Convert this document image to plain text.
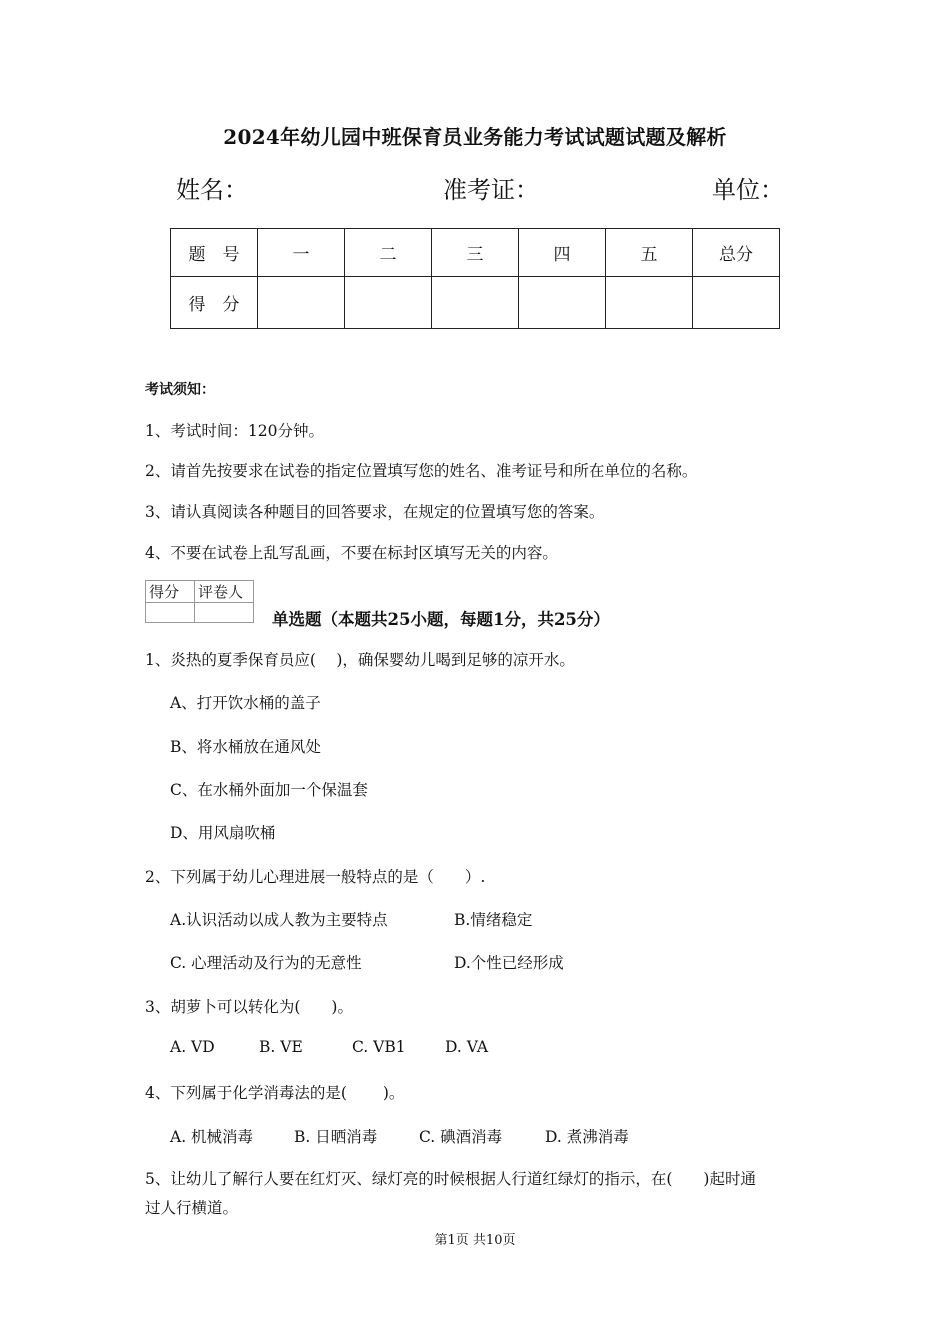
2024年幼儿园中班保育员业务能力考试试题试题及解析
姓名：	准考证：	单位：
题　号	一	二	三	四	五	总分
得　分						
考试须知：
1、考试时间：120分钟。
2、请首先按要求在试卷的指定位置填写您的姓名、准考证号和所在单位的名称。
3、请认真阅读各种题目的回答要求，在规定的位置填写您的答案。
4、不要在试卷上乱写乱画，不要在标封区填写无关的内容。
得分	评卷人

单选题（本题共25小题，每题1分，共25分）
1、炎热的夏季保育员应(　 )，确保婴幼儿喝到足够的凉开水。
A、打开饮水桶的盖子
B、将水桶放在通风处
C、在水桶外面加一个保温套
D、用风扇吹桶
2、下列属于幼儿心理进展一般特点的是（　　）.
A.认识活动以成人教为主要特点	B.情绪稳定
C. 心理活动及行为的无意性	D.个性已经形成
3、胡萝卜可以转化为(　　)。
A. VD	B. VE	C. VB1	D. VA
4、下列属于化学消毒法的是(　　 )。
A. 机械消毒	B. 日晒消毒	C. 碘酒消毒	D. 煮沸消毒
5、让幼儿了解行人要在红灯灭、绿灯亮的时候根据人行道红绿灯的指示，在(　　)起时通
过人行横道。
第1页 共10页
